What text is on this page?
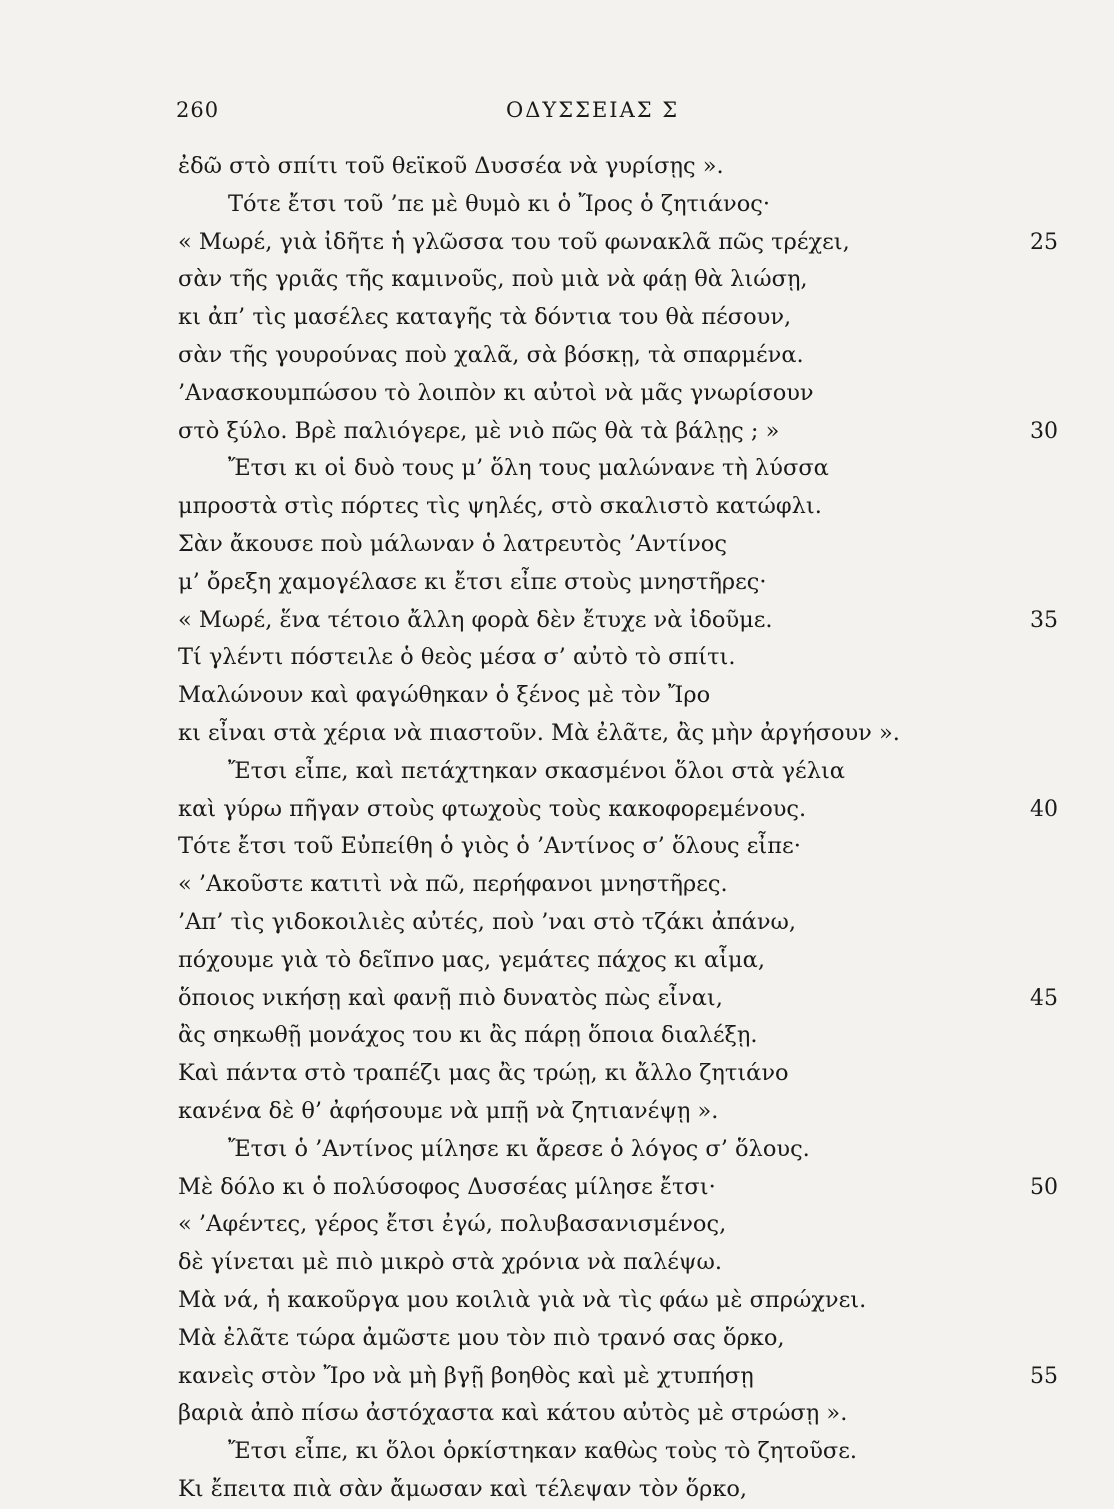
260	ΟΔΥΣΣΕΙΑΣ Σ
ἐδῶ στὸ σπίτι τοῦ θεϊκοῦ Δυσσέα νὰ γυρίσῃς ».
Τότε ἔτσι τοῦ ’πε μὲ θυμὸ κι ὁ Ἴρος ὁ ζητιάνος·
« Μωρέ, γιὰ ἰδῆτε ἡ γλῶσσα του τοῦ φωνακλᾶ πῶς τρέχει,	25
σὰν τῆς γριᾶς τῆς καμινοῦς, ποὺ μιὰ νὰ φάῃ θὰ λιώσῃ,
κι ἀπ’ τὶς μασέλες καταγῆς τὰ δόντια του θὰ πέσουν,
σὰν τῆς γουρούνας ποὺ χαλᾶ, σὰ βόσκῃ, τὰ σπαρμένα.
’Ανασκουμπώσου τὸ λοιπὸν κι αὐτοὶ νὰ μᾶς γνωρίσουν
στὸ ξύλο. Βρὲ παλιόγερε, μὲ νιὸ πῶς θὰ τὰ βάλῃς ; »	30
Ἔτσι κι οἱ δυὸ τους μ’ ὅλη τους μαλώνανε τὴ λύσσα
μπροστὰ στὶς πόρτες τὶς ψηλές, στὸ σκαλιστὸ κατώφλι.
Σὰν ἄκουσε ποὺ μάλωναν ὁ λατρευτὸς ’Αντίνος
μ’ ὄρεξη χαμογέλασε κι ἔτσι εἶπε στοὺς μνηστῆρες·
« Μωρέ, ἕνα τέτοιο ἄλλη φορὰ δὲν ἔτυχε νὰ ἰδοῦμε.	35
Τί γλέντι πόστειλε ὁ θεὸς μέσα σ’ αὐτὸ τὸ σπίτι.
Μαλώνουν καὶ φαγώθηκαν ὁ ξένος μὲ τὸν Ἴρο
κι εἶναι στὰ χέρια νὰ πιαστοῦν. Μὰ ἐλᾶτε, ἂς μὴν ἀργήσουν ».
Ἔτσι εἶπε, καὶ πετάχτηκαν σκασμένοι ὅλοι στὰ γέλια
καὶ γύρω πῆγαν στοὺς φτωχοὺς τοὺς κακοφορεμένους.	40
Τότε ἔτσι τοῦ Εὐπείθη ὁ γιὸς ὁ ’Αντίνος σ’ ὅλους εἶπε·
« ’Ακοῦστε κατιτὶ νὰ πῶ, περήφανοι μνηστῆρες.
’Απ’ τὶς γιδοκοιλιὲς αὐτές, ποὺ ’ναι στὸ τζάκι ἀπάνω,
πόχουμε γιὰ τὸ δεῖπνο μας, γεμάτες πάχος κι αἷμα,
ὅποιος νικήσῃ καὶ φανῇ πιὸ δυνατὸς πὼς εἶναι,	45
ἂς σηκωθῇ μονάχος του κι ἂς πάρῃ ὅποια διαλέξῃ.
Καὶ πάντα στὸ τραπέζι μας ἂς τρώῃ, κι ἄλλο ζητιάνο
κανένα δὲ θ’ ἀφήσουμε νὰ μπῇ νὰ ζητιανέψῃ ».
Ἔτσι ὁ ’Αντίνος μίλησε κι ἄρεσε ὁ λόγος σ’ ὅλους.
Μὲ δόλο κι ὁ πολύσοφος Δυσσέας μίλησε ἔτσι·	50
« ’Αφέντες, γέρος ἔτσι ἐγώ, πολυβασανισμένος,
δὲ γίνεται μὲ πιὸ μικρὸ στὰ χρόνια νὰ παλέψω.
Μὰ νά, ἡ κακοῦργα μου κοιλιὰ γιὰ νὰ τὶς φάω μὲ σπρώχνει.
Μὰ ἐλᾶτε τώρα ἀμῶστε μου τὸν πιὸ τρανό σας ὅρκο,
κανεὶς στὸν Ἴρο νὰ μὴ βγῇ βοηθὸς καὶ μὲ χτυπήσῃ	55
βαριὰ ἀπὸ πίσω ἀστόχαστα καὶ κάτου αὐτὸς μὲ στρώσῃ ».
Ἔτσι εἶπε, κι ὅλοι ὁρκίστηκαν καθὼς τοὺς τὸ ζητοῦσε.
Κι ἔπειτα πιὰ σὰν ἄμωσαν καὶ τέλεψαν τὸν ὅρκο,
